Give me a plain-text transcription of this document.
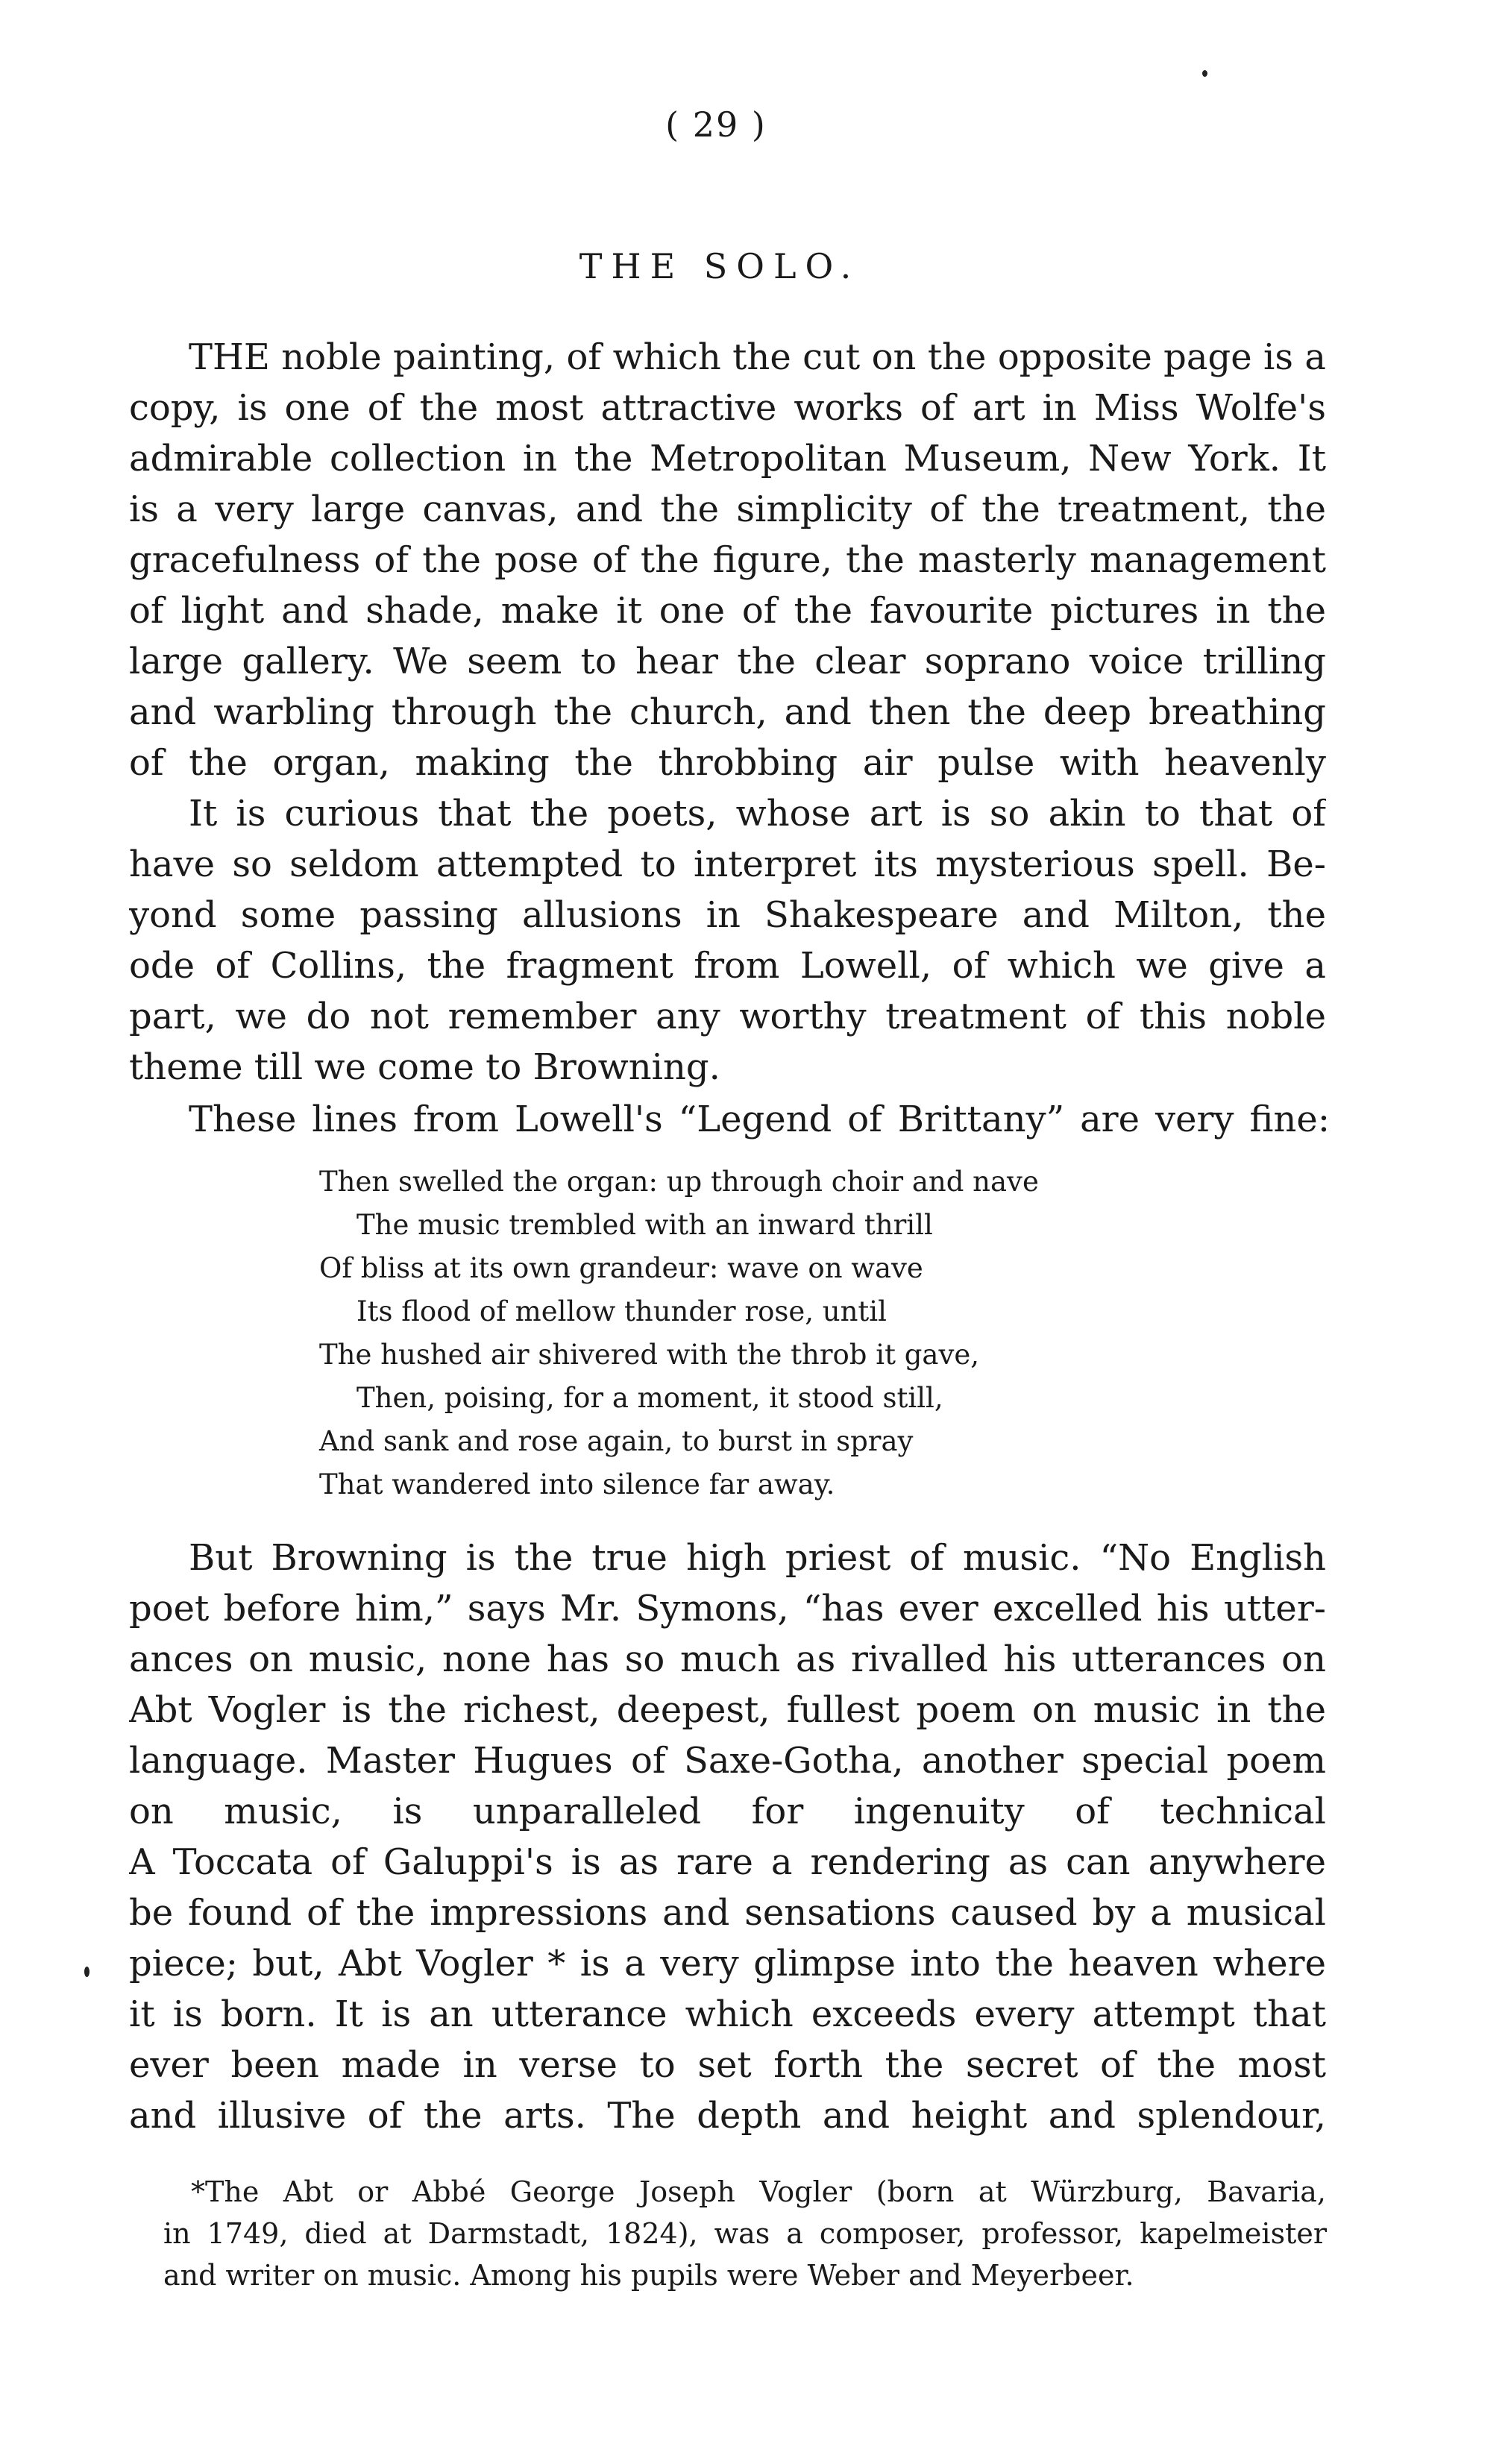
( 29 )
THE SOLO.
THE noble painting, of which the cut on the opposite page is a
copy, is one of the most attractive works of art in Miss Wolfe's
admirable collection in the Metropolitan Museum, New York. It
is a very large canvas, and the simplicity of the treatment, the
gracefulness of the pose of the figure, the masterly management
of light and shade, make it one of the favourite pictures in the
large gallery. We seem to hear the clear soprano voice trilling
and warbling through the church, and then the deep breathing
of the organ, making the throbbing air pulse with heavenly
It is curious that the poets, whose art is so akin to that of
have so seldom attempted to interpret its mysterious spell. Be-
yond some passing allusions in Shakespeare and Milton, the
ode of Collins, the fragment from Lowell, of which we give a
part, we do not remember any worthy treatment of this noble
theme till we come to Browning.
These lines from Lowell's “Legend of Brittany” are very fine:
Then swelled the organ: up through choir and nave
The music trembled with an inward thrill
Of bliss at its own grandeur: wave on wave
Its flood of mellow thunder rose, until
The hushed air shivered with the throb it gave,
Then, poising, for a moment, it stood still,
And sank and rose again, to burst in spray
That wandered into silence far away.
But Browning is the true high priest of music. “No English
poet before him,” says Mr. Symons, “has ever excelled his utter-
ances on music, none has so much as rivalled his utterances on
Abt Vogler is the richest, deepest, fullest poem on music in the
language. Master Hugues of Saxe-Gotha, another special poem
on music, is unparalleled for ingenuity of technical
A Toccata of Galuppi's is as rare a rendering as can anywhere
be found of the impressions and sensations caused by a musical
piece; but, Abt Vogler * is a very glimpse into the heaven where
it is born. It is an utterance which exceeds every attempt that
ever been made in verse to set forth the secret of the most
and illusive of the arts. The depth and height and splendour,
*The Abt or Abbé George Joseph Vogler (born at Würzburg, Bavaria,
in 1749, died at Darmstadt, 1824), was a composer, professor, kapelmeister
and writer on music. Among his pupils were Weber and Meyerbeer.
